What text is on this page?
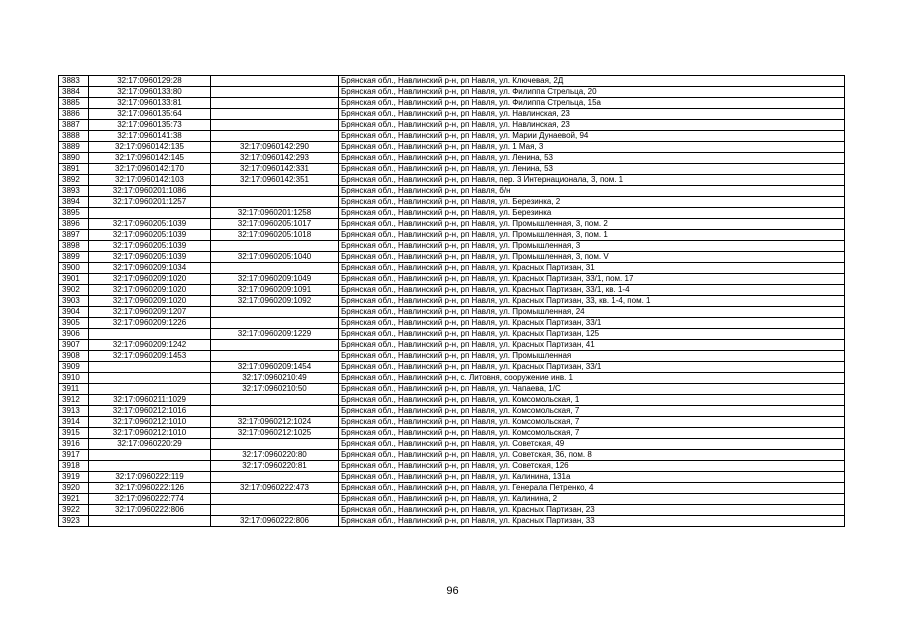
3883	32:17:0960129:28		Брянская обл., Навлинский р-н, рп Навля, ул. Ключевая, 2Д
3884	32:17:0960133:80		Брянская обл., Навлинский р-н, рп Навля, ул. Филиппа Стрельца, 20
3885	32:17:0960133:81		Брянская обл., Навлинский р-н, рп Навля, ул. Филиппа Стрельца, 15а
3886	32:17:0960135:64		Брянская обл., Навлинский р-н, рп Навля, ул. Навлинская, 23
3887	32:17:0960135:73		Брянская обл., Навлинский р-н, рп Навля, ул. Навлинская, 23
3888	32:17:0960141:38		Брянская обл., Навлинский р-н, рп Навля, ул. Марии Дунаевой, 94
3889	32:17:0960142:135	32:17:0960142:290	Брянская обл., Навлинский р-н, рп Навля, ул. 1 Мая, 3
3890	32:17:0960142:145	32:17:0960142:293	Брянская обл., Навлинский р-н, рп Навля, ул. Ленина, 53
3891	32:17:0960142:170	32:17:0960142:331	Брянская обл., Навлинский р-н, рп Навля, ул. Ленина, 53
3892	32:17:0960142:103	32:17:0960142:351	Брянская обл., Навлинский р-н, рп Навля, пер. 3 Интернационала, 3, пом. 1
3893	32:17:0960201:1086		Брянская обл., Навлинский р-н, рп Навля, б/н
3894	32:17:0960201:1257		Брянская обл., Навлинский р-н, рп Навля, ул. Березинка, 2
3895		32:17:0960201:1258	Брянская обл., Навлинский р-н, рп Навля, ул. Березинка
3896	32:17:0960205:1039	32:17:0960205:1017	Брянская обл., Навлинский р-н, рп Навля, ул. Промышленная, 3, пом. 2
3897	32:17:0960205:1039	32:17:0960205:1018	Брянская обл., Навлинский р-н, рп Навля, ул. Промышленная, 3, пом. 1
3898	32:17:0960205:1039		Брянская обл., Навлинский р-н, рп Навля, ул. Промышленная, 3
3899	32:17:0960205:1039	32:17:0960205:1040	Брянская обл., Навлинский р-н, рп Навля, ул. Промышленная, 3, пом. V
3900	32:17:0960209:1034		Брянская обл., Навлинский р-н, рп Навля, ул. Красных Партизан, 31
3901	32:17:0960209:1020	32:17:0960209:1049	Брянская обл., Навлинский р-н, рп Навля, ул. Красных Партизан, 33/1, пом. 17
3902	32:17:0960209:1020	32:17:0960209:1091	Брянская обл., Навлинский р-н, рп Навля, ул. Красных Партизан, 33/1, кв. 1-4
3903	32:17:0960209:1020	32:17:0960209:1092	Брянская обл., Навлинский р-н, рп Навля, ул. Красных Партизан, 33, кв. 1-4, пом. 1
3904	32:17:0960209:1207		Брянская обл., Навлинский р-н, рп Навля, ул. Промышленная, 24
3905	32:17:0960209:1226		Брянская обл., Навлинский р-н, рп Навля, ул. Красных Партизан, 33/1
3906		32:17:0960209:1229	Брянская обл., Навлинский р-н, рп Навля, ул. Красных Партизан, 125
3907	32:17:0960209:1242		Брянская обл., Навлинский р-н, рп Навля, ул. Красных Партизан, 41
3908	32:17:0960209:1453		Брянская обл., Навлинский р-н, рп Навля, ул. Промышленная
3909		32:17:0960209:1454	Брянская обл., Навлинский р-н, рп Навля, ул. Красных Партизан, 33/1
3910		32:17:0960210:49	Брянская обл., Навлинский р-н, с. Литовня, сооружение инв. 1
3911		32:17:0960210:50	Брянская обл., Навлинский р-н, рп Навля, ул. Чапаева, 1/С
3912	32:17:0960211:1029		Брянская обл., Навлинский р-н, рп Навля, ул. Комсомольская, 1
3913	32:17:0960212:1016		Брянская обл., Навлинский р-н, рп Навля, ул. Комсомольская, 7
3914	32:17:0960212:1010	32:17:0960212:1024	Брянская обл., Навлинский р-н, рп Навля, ул. Комсомольская, 7
3915	32:17:0960212:1010	32:17:0960212:1025	Брянская обл., Навлинский р-н, рп Навля, ул. Комсомольская, 7
3916	32:17:0960220:29		Брянская обл., Навлинский р-н, рп Навля, ул. Советская, 49
3917		32:17:0960220:80	Брянская обл., Навлинский р-н, рп Навля, ул. Советская, 36, пом. 8
3918		32:17:0960220:81	Брянская обл., Навлинский р-н, рп Навля, ул. Советская, 126
3919	32:17:0960222:119		Брянская обл., Навлинский р-н, рп Навля, ул. Калинина, 131а
3920	32:17:0960222:126	32:17:0960222:473	Брянская обл., Навлинский р-н, рп Навля, ул. Генерала Петренко, 4
3921	32:17:0960222:774		Брянская обл., Навлинский р-н, рп Навля, ул. Калинина, 2
3922	32:17:0960222:806		Брянская обл., Навлинский р-н, рп Навля, ул. Красных Партизан, 23
3923		32:17:0960222:806	Брянская обл., Навлинский р-н, рп Навля, ул. Красных Партизан, 33
96
